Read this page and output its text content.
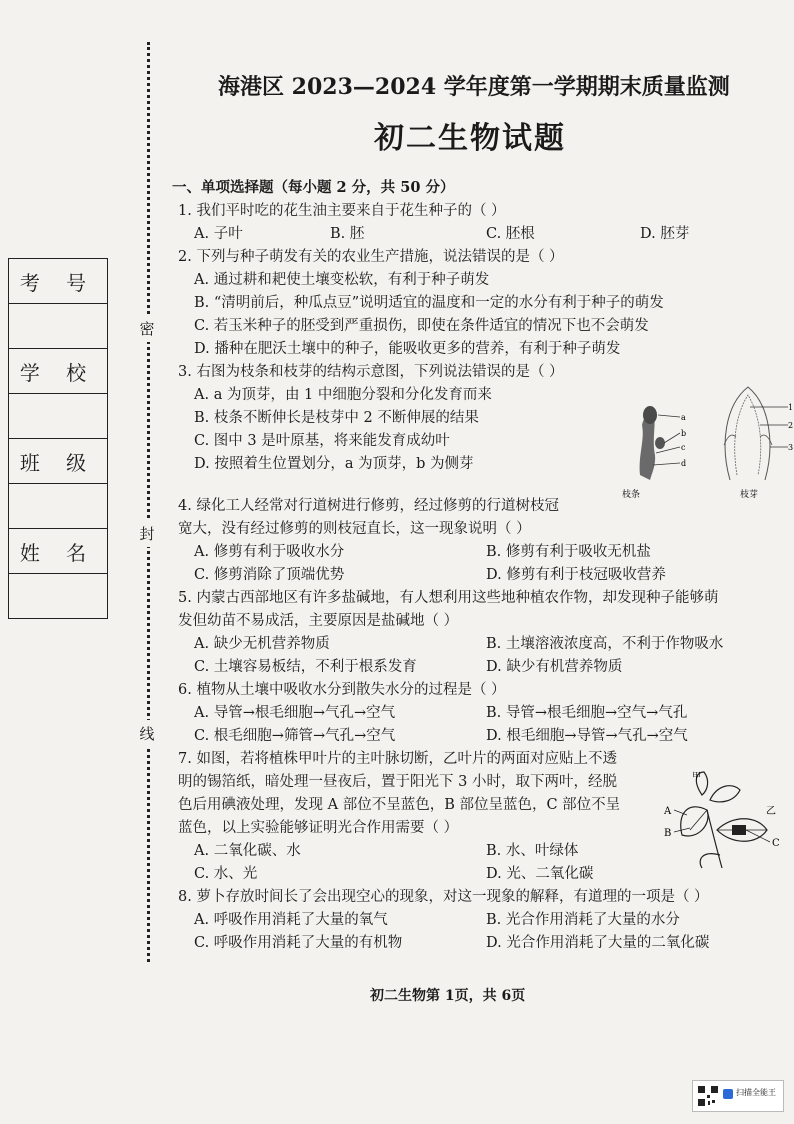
密
封
线
考 号

学 校

班 级

姓 名

海港区 2023—2024 学年度第一学期期末质量监测
初二生物试题
一、单项选择题（每小题 2 分，共 50 分）
1. 我们平时吃的花生油主要来自于花生种子的（ ）
A. 子叶	B. 胚	C. 胚根	D. 胚芽
2. 下列与种子萌发有关的农业生产措施，说法错误的是（ ）
A. 通过耕和耙使土壤变松软，有利于种子萌发
B. “清明前后，种瓜点豆”说明适宜的温度和一定的水分有利于种子的萌发
C. 若玉米种子的胚受到严重损伤，即使在条件适宜的情况下也不会萌发
D. 播种在肥沃土壤中的种子，能吸收更多的营养，有利于种子萌发
3. 右图为枝条和枝芽的结构示意图，下列说法错误的是（ ）
A. a 为顶芽，由 1 中细胞分裂和分化发育而来
B. 枝条不断伸长是枝芽中 2 不断伸展的结果
C. 图中 3 是叶原基，将来能发育成幼叶
D. 按照着生位置划分，a 为顶芽，b 为侧芽
a
b
c
d
枝条
1
2
3
枝芽
4. 绿化工人经常对行道树进行修剪，经过修剪的行道树枝冠
宽大，没有经过修剪的则枝冠直长，这一现象说明（ ）
A. 修剪有利于吸收水分	B. 修剪有利于吸收无机盐
C. 修剪消除了顶端优势	D. 修剪有利于枝冠吸收营养
5. 内蒙古西部地区有许多盐碱地，有人想利用这些地种植农作物，却发现种子能够萌
发但幼苗不易成活，主要原因是盐碱地（ ）
A. 缺少无机营养物质	B. 土壤溶液浓度高，不利于作物吸水
C. 土壤容易板结，不利于根系发育	D. 缺少有机营养物质
6. 植物从土壤中吸收水分到散失水分的过程是（ ）
A. 导管→根毛细胞→气孔→空气	B. 导管→根毛细胞→空气→气孔
C. 根毛细胞→筛管→气孔→空气	D. 根毛细胞→导管→气孔→空气
7. 如图，若将植株甲叶片的主叶脉切断，乙叶片的两面对应贴上不透
明的锡箔纸，暗处理一昼夜后，置于阳光下 3 小时，取下两叶，经脱
色后用碘液处理，发现 A 部位不呈蓝色，B 部位呈蓝色，C 部位不呈
蓝色，以上实验能够证明光合作用需要（ ）
A. 二氧化碳、水	B. 水、叶绿体
C. 水、光	D. 光、二氧化碳
甲
乙
A
B
C
8. 萝卜存放时间长了会出现空心的现象，对这一现象的解释，有道理的一项是（ ）
A. 呼吸作用消耗了大量的氧气	B. 光合作用消耗了大量的水分
C. 呼吸作用消耗了大量的有机物	D. 光合作用消耗了大量的二氧化碳
初二生物第 1页，共 6页
扫描全能王
